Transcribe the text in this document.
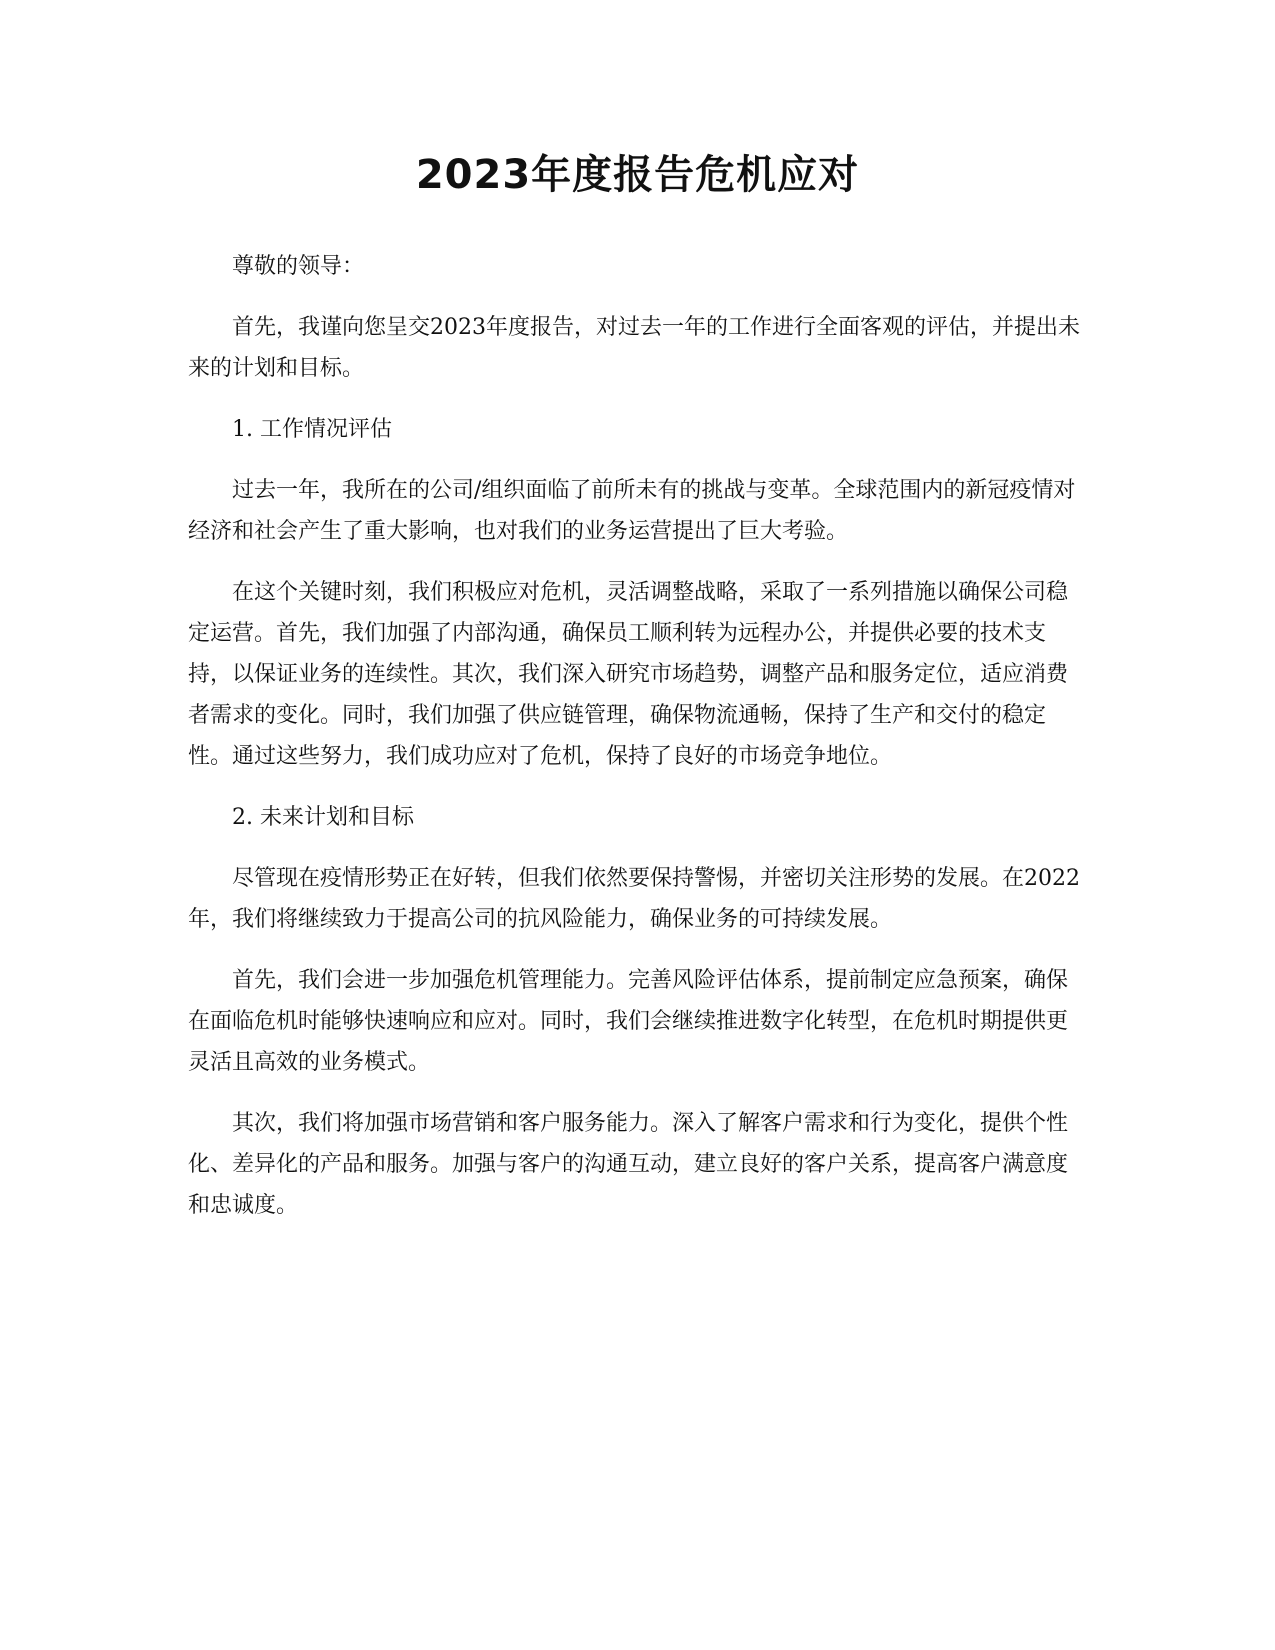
2023年度报告危机应对

尊敬的领导：

首先，我谨向您呈交2023年度报告，对过去一年的工作进行全面客观的评估，并提出未来的计划和目标。

1. 工作情况评估

过去一年，我所在的公司/组织面临了前所未有的挑战与变革。全球范围内的新冠疫情对经济和社会产生了重大影响，也对我们的业务运营提出了巨大考验。

在这个关键时刻，我们积极应对危机，灵活调整战略，采取了一系列措施以确保公司稳定运营。首先，我们加强了内部沟通，确保员工顺利转为远程办公，并提供必要的技术支持，以保证业务的连续性。其次，我们深入研究市场趋势，调整产品和服务定位，适应消费者需求的变化。同时，我们加强了供应链管理，确保物流通畅，保持了生产和交付的稳定性。通过这些努力，我们成功应对了危机，保持了良好的市场竞争地位。

2. 未来计划和目标

尽管现在疫情形势正在好转，但我们依然要保持警惕，并密切关注形势的发展。在2022年，我们将继续致力于提高公司的抗风险能力，确保业务的可持续发展。

首先，我们会进一步加强危机管理能力。完善风险评估体系，提前制定应急预案，确保在面临危机时能够快速响应和应对。同时，我们会继续推进数字化转型，在危机时期提供更灵活且高效的业务模式。

其次，我们将加强市场营销和客户服务能力。深入了解客户需求和行为变化，提供个性化、差异化的产品和服务。加强与客户的沟通互动，建立良好的客户关系，提高客户满意度和忠诚度。
